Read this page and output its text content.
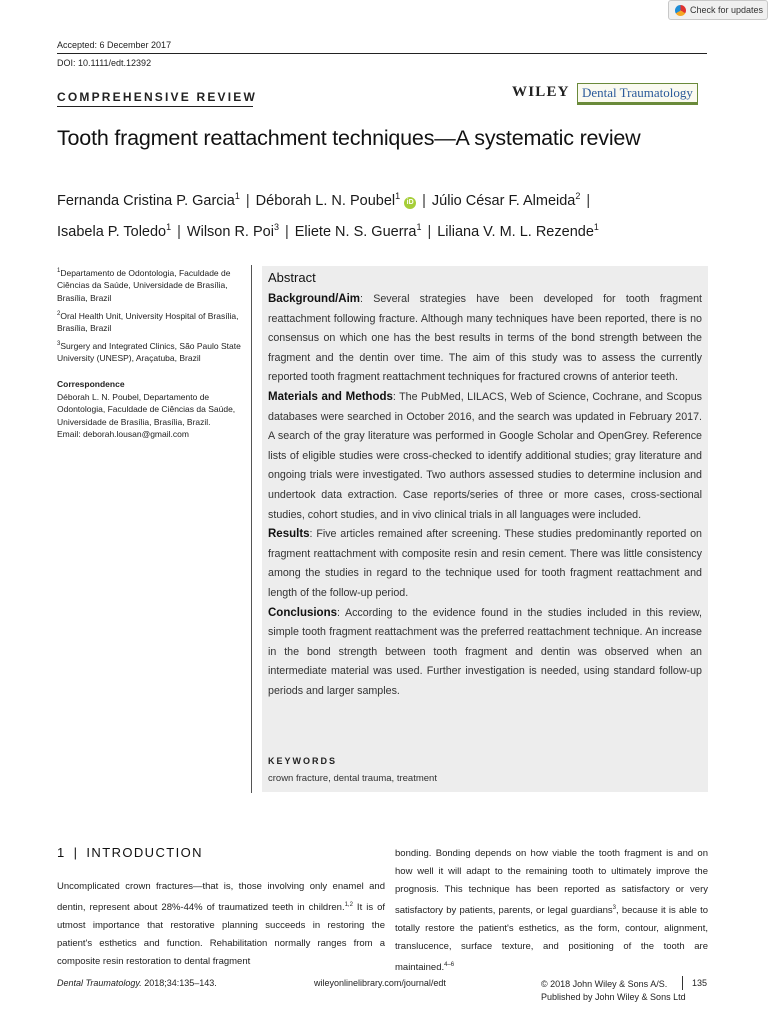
Check for updates
Accepted: 6 December 2017
DOI: 10.1111/edt.12392
COMPREHENSIVE REVIEW	WILEY Dental Traumatology
Tooth fragment reattachment techniques—A systematic review
Fernanda Cristina P. Garcia$^1$ | Déborah L. N. Poubel$^1$iD | Júlio César F. Almeida$^2$ |
Isabela P. Toledo$^1$ | Wilson R. Poi$^3$ | Eliete N. S. Guerra$^1$ | Liliana V. M. L. Rezende$^1$
$^1$Departamento de Odontologia, Faculdade de Ciências da Saúde, Universidade de Brasília, Brasília, Brazil
$^2$Oral Health Unit, University Hospital of Brasília, Brasília, Brazil
$^3$Surgery and Integrated Clinics, São Paulo State University (UNESP), Araçatuba, Brazil
Correspondence
Déborah L. N. Poubel, Departamento de Odontologia, Faculdade de Ciências da Saúde, Universidade de Brasília, Brasília, Brazil.
Email: deborah.lousan@gmail.com
Abstract
Background/Aim: Several strategies have been developed for tooth fragment reattachment following fracture. Although many techniques have been reported, there is no consensus on which one has the best results in terms of the bond strength between the fragment and the dentin over time. The aim of this study was to assess the currently reported tooth fragment reattachment techniques for fractured crowns of anterior teeth.
Materials and Methods: The PubMed, LILACS, Web of Science, Cochrane, and Scopus databases were searched in October 2016, and the search was updated in February 2017. A search of the gray literature was performed in Google Scholar and OpenGrey. Reference lists of eligible studies were cross-checked to identify additional studies; gray literature and ongoing trials were investigated. Two authors assessed studies to determine inclusion and undertook data extraction. Case reports/series of three or more cases, cross-sectional studies, cohort studies, and in vivo clinical trials in all languages were included.
Results: Five articles remained after screening. These studies predominantly reported on fragment reattachment with composite resin and resin cement. There was little consistency among the studies in regard to the technique used for tooth fragment reattachment and length of the follow-up period.
Conclusions: According to the evidence found in the studies included in this review, simple tooth fragment reattachment was the preferred reattachment technique. An increase in the bond strength between tooth fragment and dentin was observed when an intermediate material was used. Further investigation is needed, using standard follow-up periods and larger samples.
KEYWORDS
crown fracture, dental trauma, treatment
1 | INTRODUCTION
Uncomplicated crown fractures—that is, those involving only enamel and dentin, represent about 28%-44% of traumatized teeth in children.$^{1,2}$ It is of utmost importance that restorative planning succeeds in restoring the patient's esthetics and function. Rehabilitation normally ranges from a composite resin restoration to dental fragment
bonding. Bonding depends on how viable the tooth fragment is and on how well it will adapt to the remaining tooth to ultimately improve the prognosis. This technique has been reported as satisfactory or very satisfactory by patients, parents, or legal guardians$^3$, because it is able to totally restore the patient's esthetics, as the form, contour, alignment, translucence, surface texture, and positioning of the tooth are maintained.$^{4-6}$
Dental Traumatology. 2018;34:135–143.	wileyonlinelibrary.com/journal/edt	© 2018 John Wiley & Sons A/S.
Published by John Wiley & Sons Ltd
135
